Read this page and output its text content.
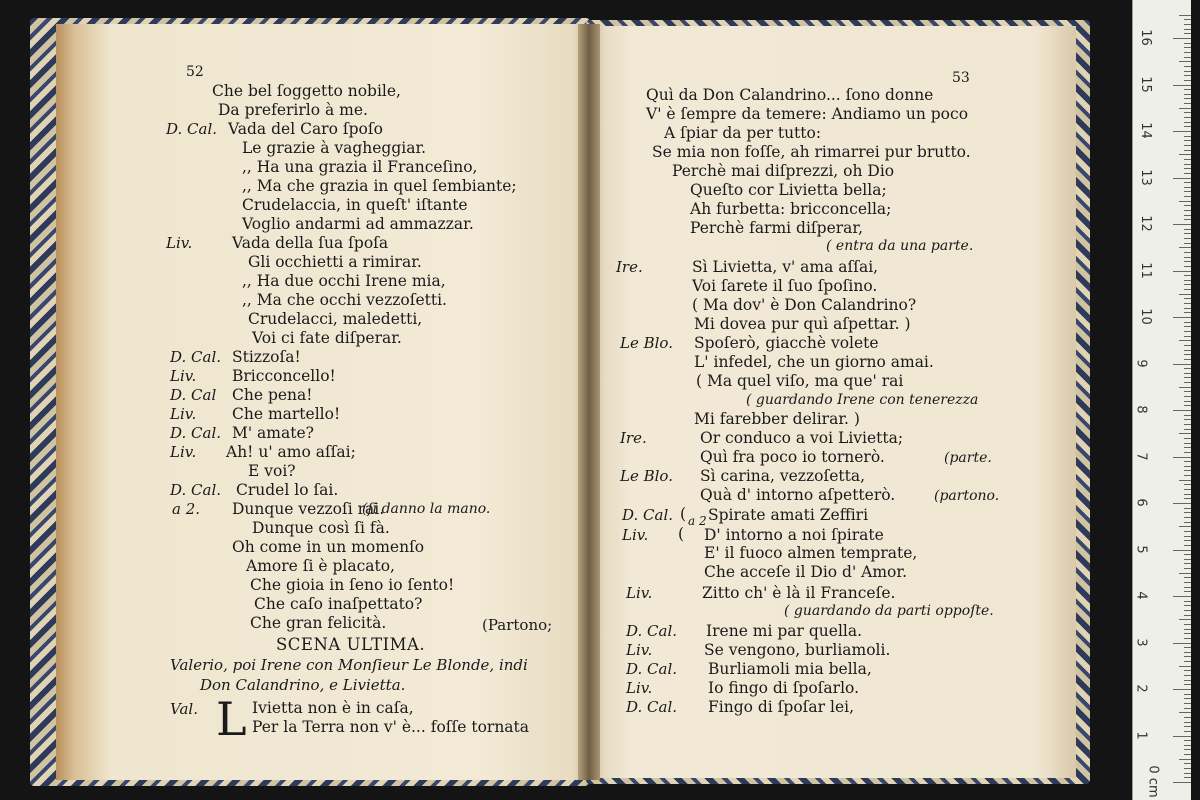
52
Che bel ſoggetto nobile,
Da preferirlo à me.
D. Cal. Vada del Caro ſpoſo
Le grazie à vagheggiar.
,, Ha una grazia il Franceſino,
,, Ma che grazia in quel ſembiante;
Crudelaccia, in queſt' iſtante
Voglio andarmi ad ammazzar.
Liv.	Vada della ſua ſpoſa
Gli occhietti a rimirar.
,, Ha due occhi Irene mia,
,, Ma che occhi vezzoſetti.
Crudelacci, maledetti,
Voi ci fate diſperar.
D. Cal. Stizzoſa!
Liv. Bricconcello!
D. Cal Che pena!
Liv. Che martello!
D. Cal. M' amate?
Liv. Ah! u' amo aſſai;
E voi?
D. Cal. Crudel lo ſai.
a 2. Dunque vezzoſi rai.
Dunque così ſi fà.
Oh come in un momenſo
Amore ſi è placato,
Che gioia in ſeno io ſento!
Che caſo inaſpettato?
Che gran felicità.
(ſi danno la mano.
(Partono;
SCENA ULTIMA.
Valerio, poi Irene con Monſieur Le Blonde, indi
Don Calandrino, e Livietta.
Val. L Ivietta non è in caſa,
Per la Terra non v' è... foſſe tornata
53
Quì da Don Calandrino... ſono donne
V' è ſempre da temere: Andiamo un poco
A ſpiar da per tutto:
Se mia non foſſe, ah rimarrei pur brutto.
Perchè mai diſprezzi, oh Dio
Queſto cor Livietta bella;
Ah furbetta: bricconcella;
Perchè farmi diſperar,
Ire.	Sì Livietta, v' ama aſſai,
Voi ſarete il ſuo ſpoſino.
( Ma dov' è Don Calandrino?
Mi dovea pur quì aſpettar. )
Le Blo. Spoſerò, giacchè volete
L' infedel, che un giorno amai.
( Ma quel viſo, ma que' rai
Mi farebber delirar. )
Ire.	Or conduco a voi Livietta;
Quì fra poco io tornerò.
Le Blo. Sì carina, vezzoſetta,
Quà d' intorno aſpetterò.
D. Cal. Spirate amati Zeffiri
Liv.	D' intorno a noi ſpirate
E' il fuoco almen temprate,
Che acceſe il Dio d' Amor.
Liv.	Zitto ch' è là il Franceſe.
D. Cal. Irene mi par quella.
Liv.	Se vengono, burliamoli.
D. Cal. Burliamoli mia bella,
Liv.	Io fingo di ſpoſarlo.
D. Cal. Fingo di ſpoſar lei,
( entra da una parte.
( guardando Irene con tenerezza
(parte.
(partono.
a 2
(
(
( guardando da parti oppoſte.
0 cm
1
2
3
4
5
6
7
8
9
10
11
12
13
14
15
16
